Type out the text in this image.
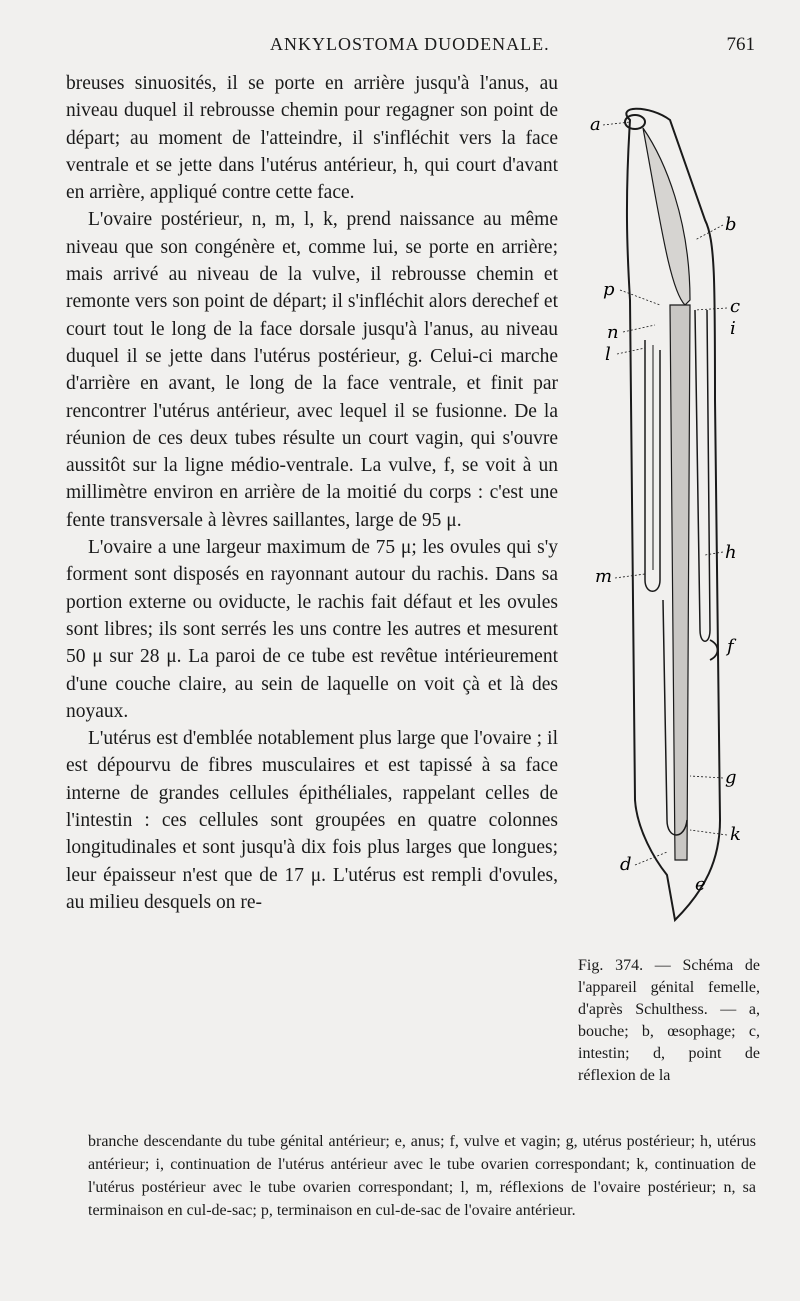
ANKYLOSTOMA DUODENALE.	761

breuses sinuosités, il se porte en arrière jusqu'à l'anus, au niveau duquel il rebrousse chemin pour regagner son point de départ; au moment de l'atteindre, il s'infléchit vers la face ventrale et se jette dans l'utérus antérieur, h, qui court d'avant en arrière, appliqué contre cette face.

L'ovaire postérieur, n, m, l, k, prend naissance au même niveau que son congénère et, comme lui, se porte en arrière; mais arrivé au niveau de la vulve, il rebrousse chemin et remonte vers son point de départ; il s'infléchit alors derechef et court tout le long de la face dorsale jusqu'à l'anus, au niveau duquel il se jette dans l'utérus postérieur, g. Celui-ci marche d'arrière en avant, le long de la face ventrale, et finit par rencontrer l'utérus antérieur, avec lequel il se fusionne. De la réunion de ces deux tubes résulte un court vagin, qui s'ouvre aussitôt sur la ligne médio-ventrale. La vulve, f, se voit à un millimètre environ en arrière de la moitié du corps : c'est une fente transversale à lèvres saillantes, large de 95 μ.

L'ovaire a une largeur maximum de 75 μ; les ovules qui s'y forment sont disposés en rayonnant autour du rachis. Dans sa portion externe ou oviducte, le rachis fait défaut et les ovules sont libres; ils sont serrés les uns contre les autres et mesurent 50 μ sur 28 μ. La paroi de ce tube est revêtue intérieurement d'une couche claire, au sein de laquelle on voit çà et là des noyaux.

L'utérus est d'emblée notablement plus large que l'ovaire ; il est dépourvu de fibres musculaires et est tapissé à sa face interne de grandes cellules épithéliales, rappelant celles de l'intestin : ces cellules sont groupées en quatre colonnes longitudinales et sont jusqu'à dix fois plus larges que longues; leur épaisseur n'est que de 17 μ. L'utérus est rempli d'ovules, au milieu desquels on re-

a
b
p
c
n	i
l
h
m
f
g
k
d
e
Fig. 374. — Schéma de l'appareil génital femelle, d'après Schulthess. — a, bouche; b, œsophage; c, intestin; d, point de réflexion de la
branche descendante du tube génital antérieur; e, anus; f, vulve et vagin; g, utérus postérieur; h, utérus antérieur; i, continuation de l'utérus antérieur avec le tube ovarien correspondant; k, continuation de l'utérus postérieur avec le tube ovarien correspondant; l, m, réflexions de l'ovaire postérieur; n, sa terminaison en cul-de-sac; p, terminaison en cul-de-sac de l'ovaire antérieur.
